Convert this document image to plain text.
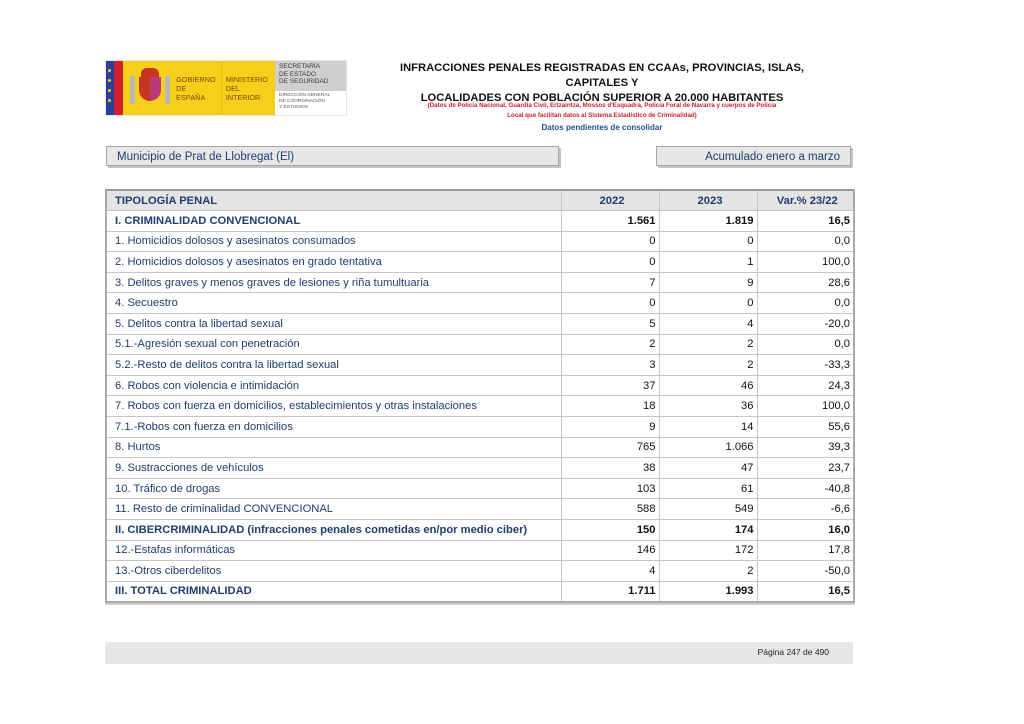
GOBIERNO
DE ESPAÑA
MINISTERIO
DEL INTERIOR
SECRETARÍA
DE ESTADO
DE SEGURIDAD
DIRECCIÓN GENERAL
DE COORDINACIÓN
Y ESTUDIOS
INFRACCIONES PENALES REGISTRADAS EN CCAAs, PROVINCIAS, ISLAS, CAPITALES Y
LOCALIDADES CON POBLACIÓN SUPERIOR A 20.000 HABITANTES
(Datos de Policía Nacional, Guardia Civil, Ertzaintza, Mossos d'Esquadra, Policía Foral de Navarra y cuerpos de Policía
Local que facilitan datos al Sistema Estadístico de Criminalidad)
Datos pendientes de consolidar
Municipio de Prat de Llobregat (El)	Acumulado enero a marzo
TIPOLOGÍA PENAL	2022	2023	Var.% 23/22
I. CRIMINALIDAD CONVENCIONAL	1.561	1.819	16,5
1. Homicidios dolosos y asesinatos consumados	0	0	0,0
2. Homicidios dolosos y asesinatos en grado tentativa	0	1	100,0
3. Delitos graves y menos graves de lesiones y riña tumultuaria	7	9	28,6
4. Secuestro	0	0	0,0
5. Delitos contra la libertad sexual	5	4	-20,0
5.1.-Agresión sexual con penetración	2	2	0,0
5.2.-Resto de delitos contra la libertad sexual	3	2	-33,3
6. Robos con violencia e intimidación	37	46	24,3
7. Robos con fuerza en domicilios, establecimientos y otras instalaciones	18	36	100,0
7.1.-Robos con fuerza en domicilios	9	14	55,6
8. Hurtos	765	1.066	39,3
9. Sustracciones de vehículos	38	47	23,7
10. Tráfico de drogas	103	61	-40,8
11. Resto de criminalidad CONVENCIONAL	588	549	-6,6
II. CIBERCRIMINALIDAD (infracciones penales cometidas en/por medio ciber)	150	174	16,0
12.-Estafas informáticas	146	172	17,8
13.-Otros ciberdelitos	4	2	-50,0
III. TOTAL CRIMINALIDAD	1.711	1.993	16,5
Página 247 de 490
